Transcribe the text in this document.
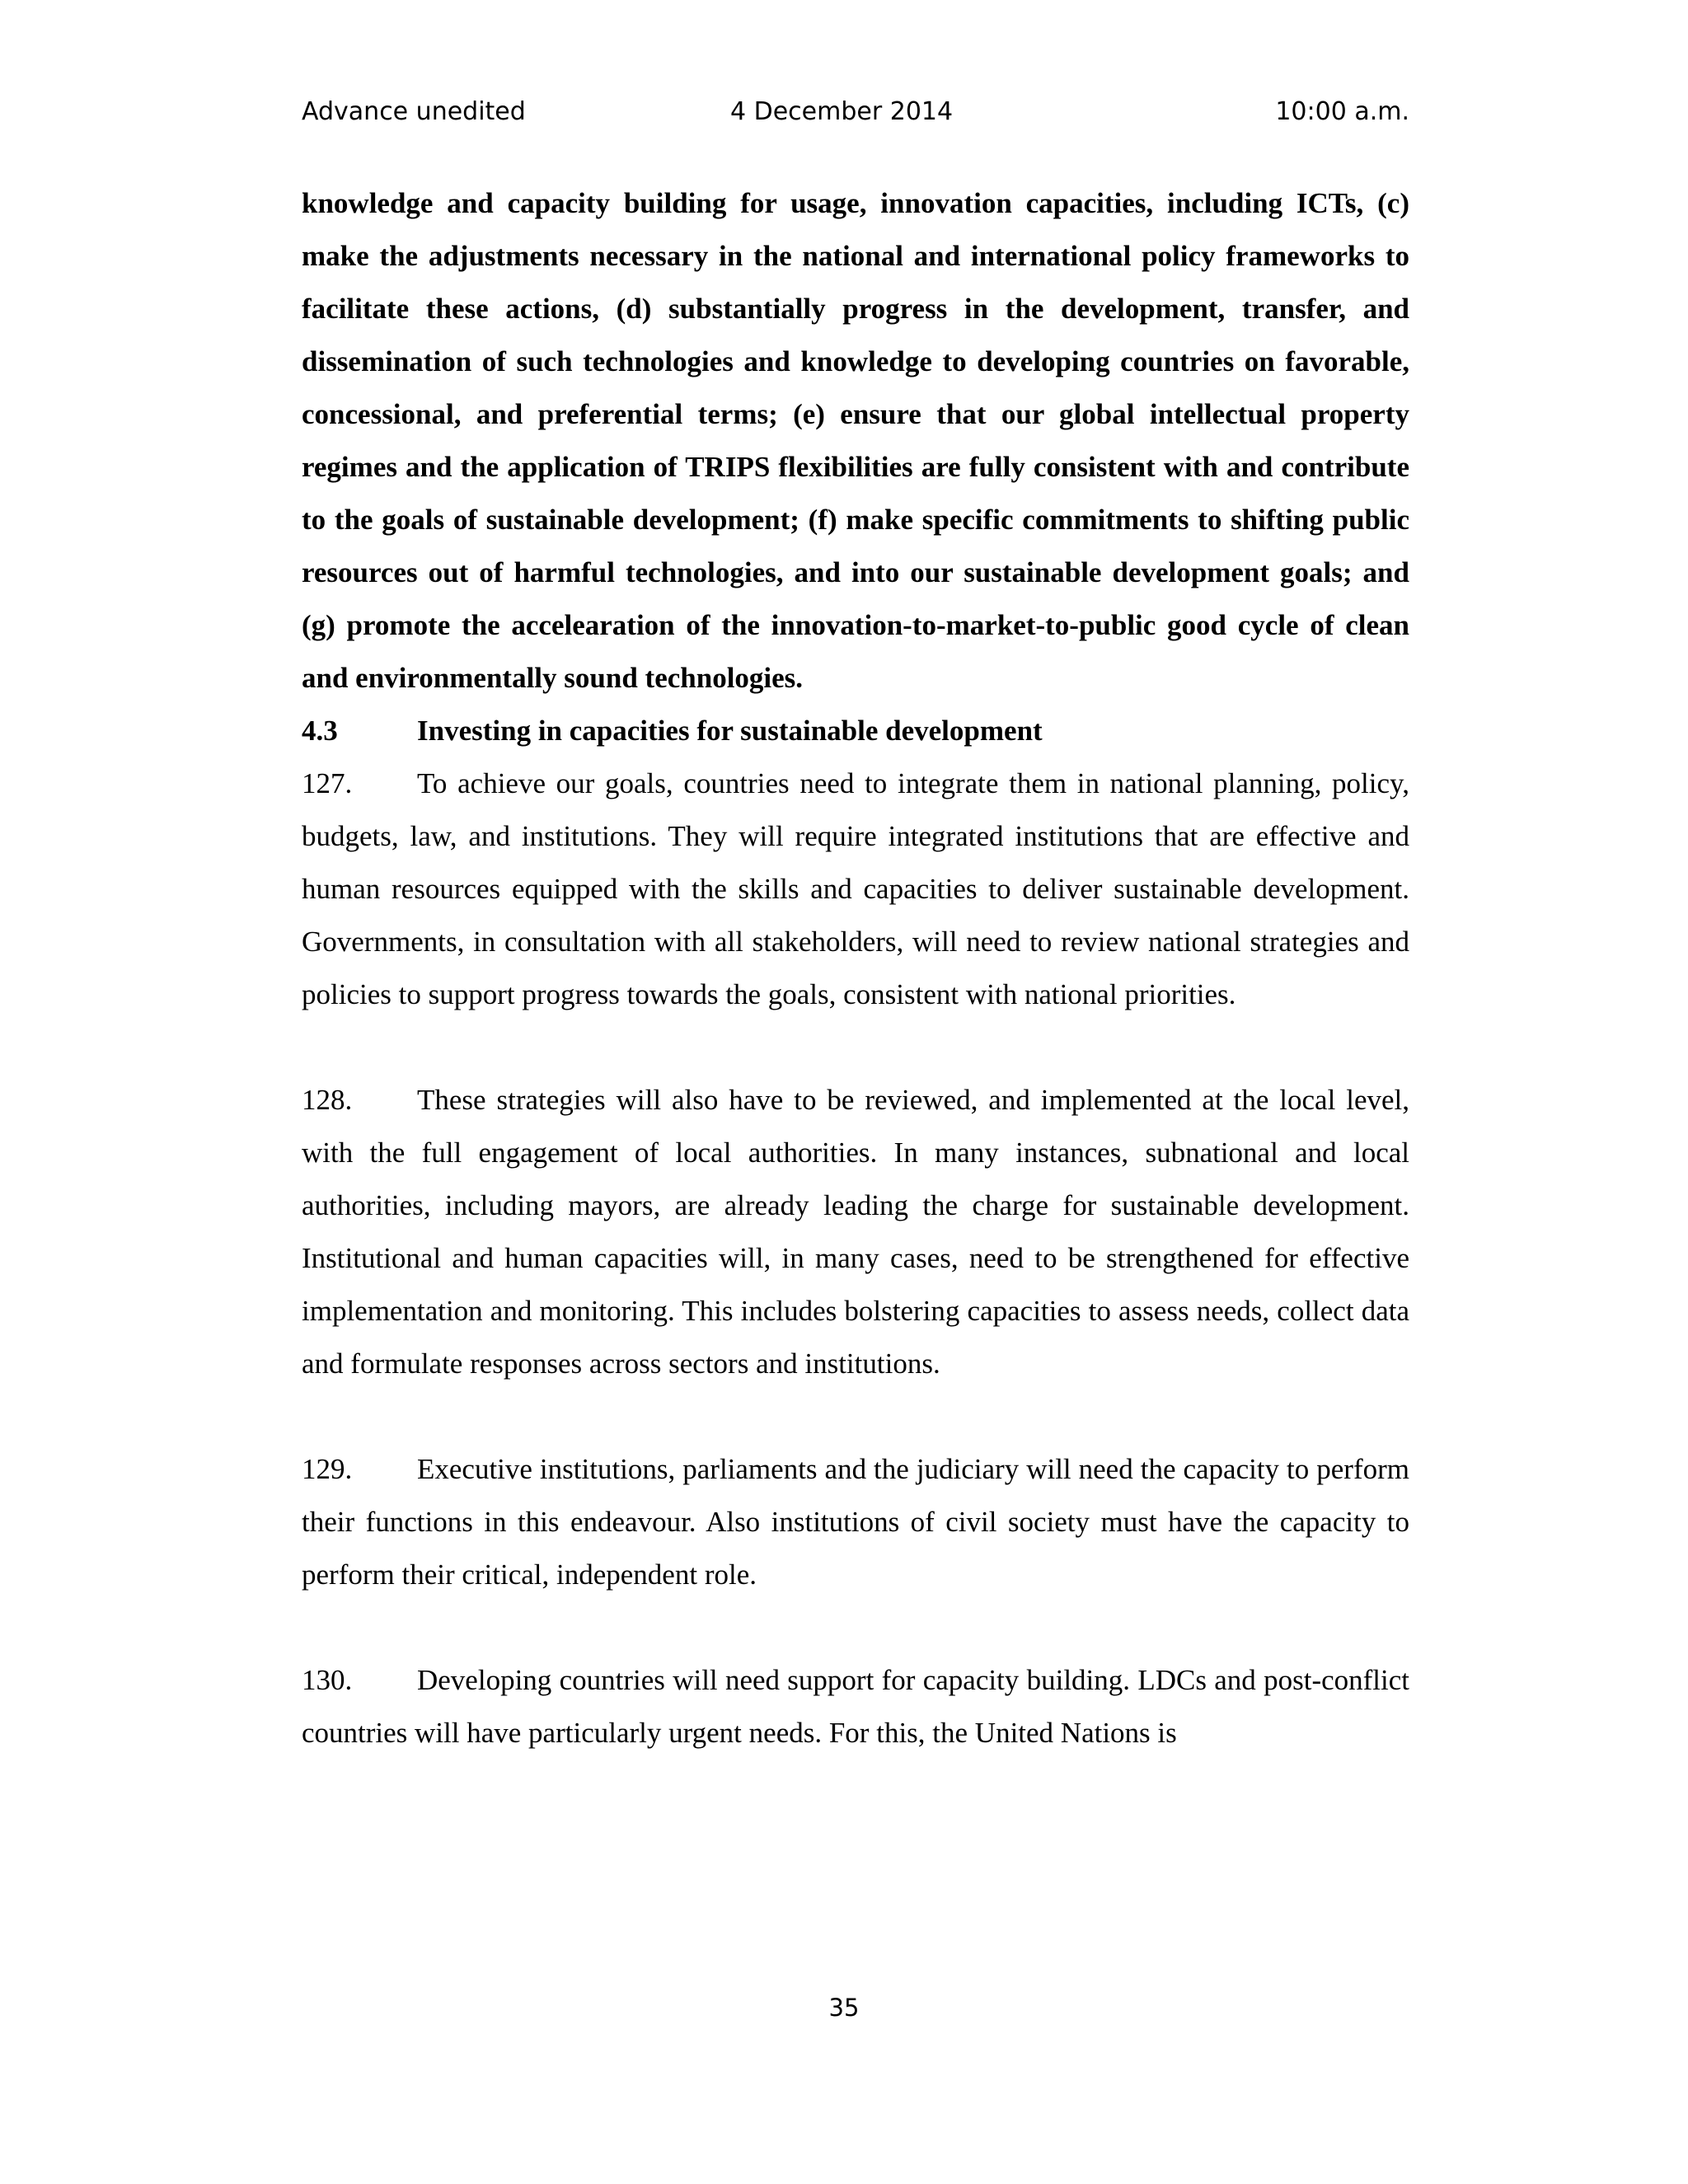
Advance unedited	4 December 2014	10:00 a.m.

knowledge and capacity building for usage, innovation capacities, including ICTs, (c) make the adjustments necessary in the national and international policy frameworks to facilitate these actions, (d) substantially progress in the development, transfer, and dissemination of such technologies and knowledge to developing countries on favorable, concessional, and preferential terms; (e) ensure that our global intellectual property regimes and the application of TRIPS flexibilities are fully consistent with and contribute to the goals of sustainable development; (f) make specific commitments to shifting public resources out of harmful technologies, and into our sustainable development goals; and (g) promote the accelearation of the innovation-to-market-to-public good cycle of clean and environmentally sound technologies.

4.3	Investing in capacities for sustainable development

127. To achieve our goals, countries need to integrate them in national planning, policy, budgets, law, and institutions. They will require integrated institutions that are effective and human resources equipped with the skills and capacities to deliver sustainable development. Governments, in consultation with all stakeholders, will need to review national strategies and policies to support progress towards the goals, consistent with national priorities.

128. These strategies will also have to be reviewed, and implemented at the local level, with the full engagement of local authorities. In many instances, subnational and local authorities, including mayors, are already leading the charge for sustainable development. Institutional and human capacities will, in many cases, need to be strengthened for effective implementation and monitoring. This includes bolstering capacities to assess needs, collect data and formulate responses across sectors and institutions.

129. Executive institutions, parliaments and the judiciary will need the capacity to perform their functions in this endeavour. Also institutions of civil society must have the capacity to perform their critical, independent role.

130. Developing countries will need support for capacity building. LDCs and post-conflict countries will have particularly urgent needs. For this, the United Nations is

35
